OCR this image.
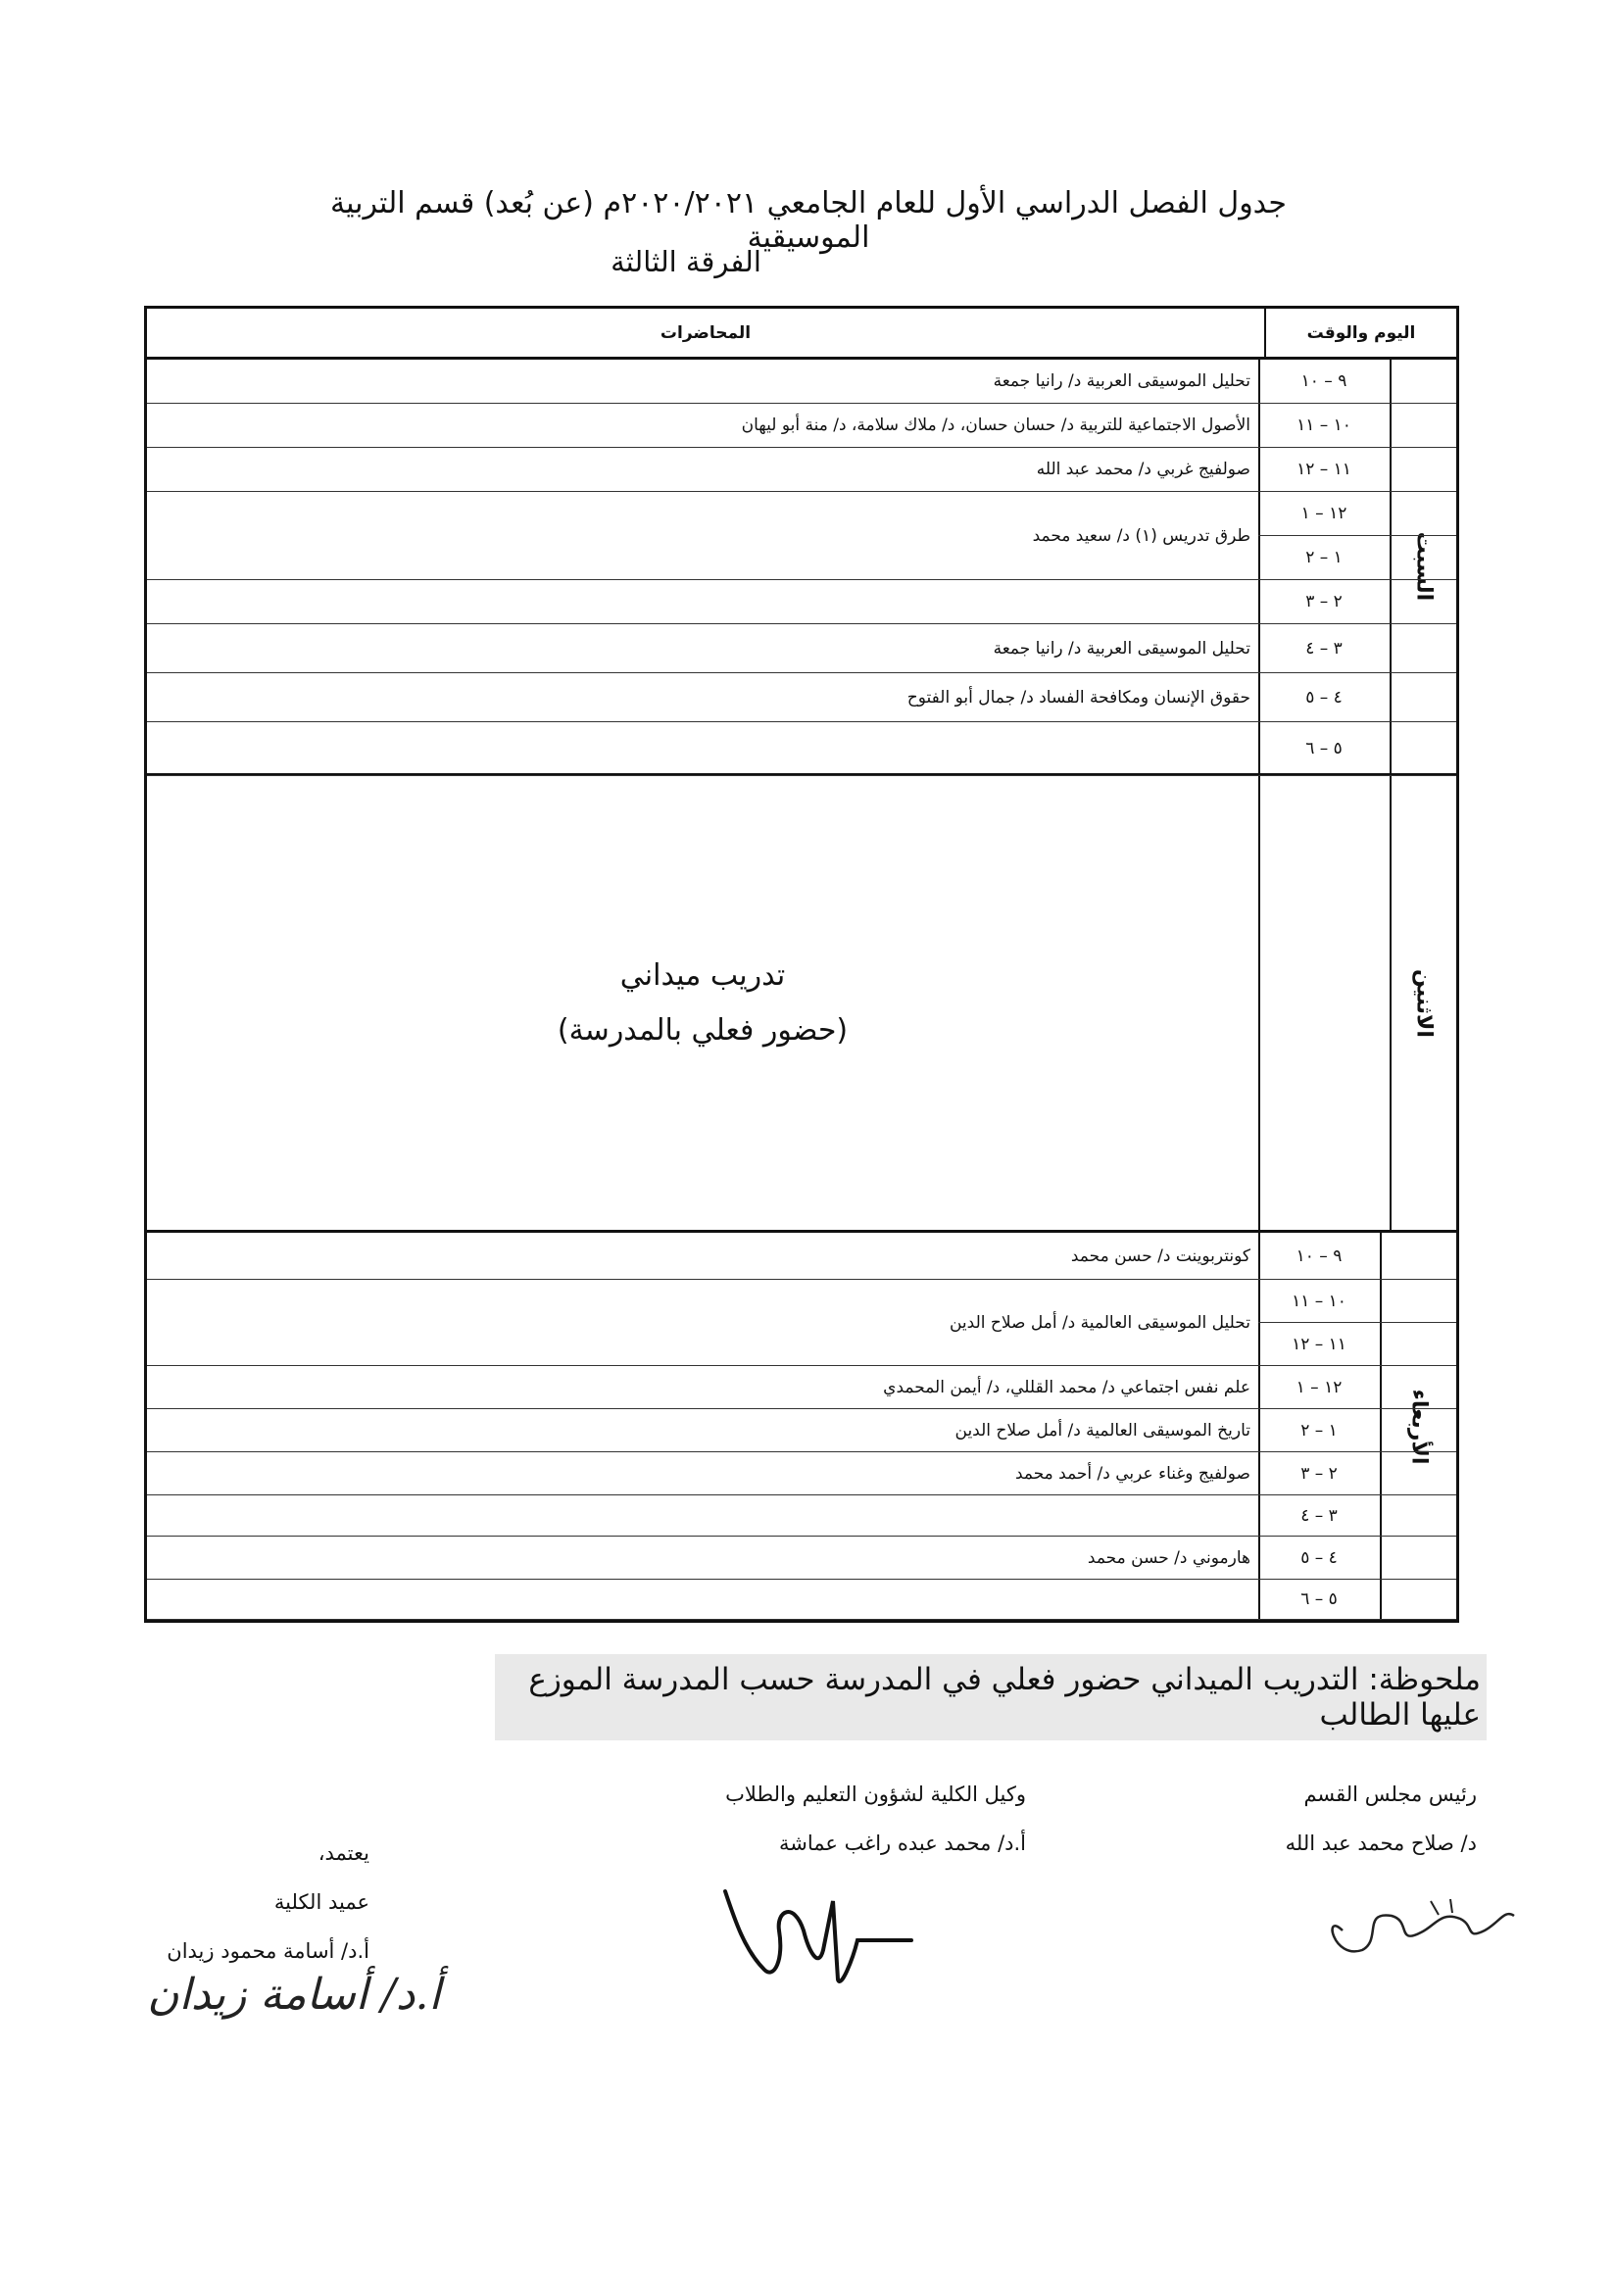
جدول الفصل الدراسي الأول للعام الجامعي ٢٠٢٠/٢٠٢١م (عن بُعد) قسم التربية الموسيقية
الفرقة الثالثة
المحاضرات	اليوم والوقت
السبت
٩ – ١٠
تحليل الموسيقى العربية د/ رانيا جمعة
١٠ – ١١
الأصول الاجتماعية للتربية د/ حسان حسان، د/ ملاك سلامة، د/ منة أبو ليهان
١١ – ١٢
صولفيج غربي د/ محمد عبد الله
١٢ – ١
١ – ٢
٢ – ٣
٣ – ٤
تحليل الموسيقى العربية د/ رانيا جمعة
٤ – ٥
حقوق الإنسان ومكافحة الفساد د/ جمال أبو الفتوح
٥ – ٦
طرق تدريس (١) د/ سعيد محمد
الاثنين
تدريب ميداني
(حضور فعلي بالمدرسة)
الأربعاء
٩ – ١٠
كونتربوينت د/ حسن محمد
١٠ – ١١
١١ – ١٢
١٢ – ١
علم نفس اجتماعي د/ محمد القللي، د/ أيمن المحمدي
١ – ٢
تاريخ الموسيقى العالمية د/ أمل صلاح الدين
٢ – ٣
صولفيج وغناء عربي د/ أحمد محمد
٣ – ٤
٤ – ٥
هارموني د/ حسن محمد
٥ – ٦
تحليل الموسيقى العالمية د/ أمل صلاح الدين
ملحوظة: التدريب الميداني حضور فعلي في المدرسة حسب المدرسة الموزع عليها الطالب
رئيس مجلس القسم
د/ صلاح محمد عبد الله
وكيل الكلية لشؤون التعليم والطلاب
أ.د/ محمد عبده راغب عماشة
يعتمد،
عميد الكلية
أ.د/ أسامة محمود زيدان
أ.د/ أسامة زيدان
